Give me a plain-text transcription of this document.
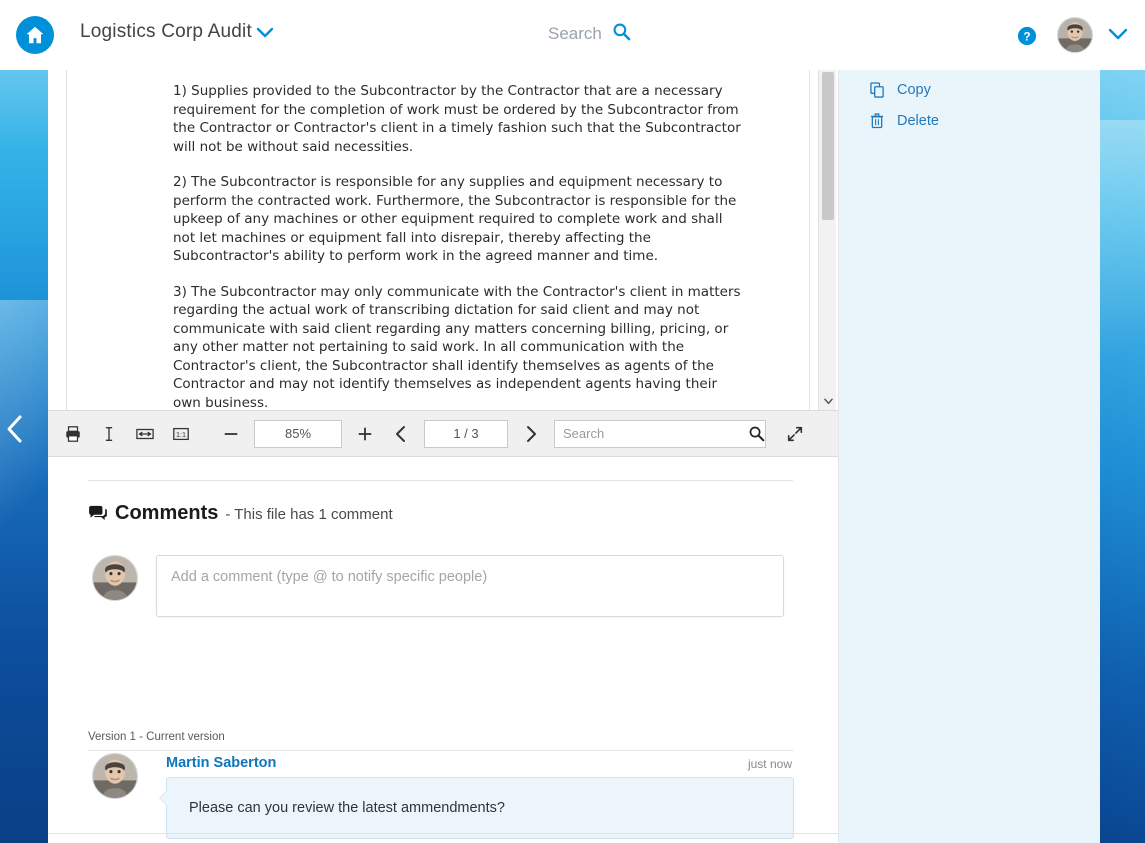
Logistics Corp Audit	Search	?

1) Supplies provided to the Subcontractor by the Contractor that are a necessary requirement for the completion of work must be ordered by the Subcontractor from the Contractor or Contractor's client in a timely fashion such that the Subcontractor will not be without said necessities.

2) The Subcontractor is responsible for any supplies and equipment necessary to perform the contracted work. Furthermore, the Subcontractor is responsible for the upkeep of any machines or other equipment required to complete work and shall not let machines or equipment fall into disrepair, thereby affecting the Subcontractor's ability to perform work in the agreed manner and time.

3) The Subcontractor may only communicate with the Contractor's client in matters regarding the actual work of transcribing dictation for said client and may not communicate with said client regarding any matters concerning billing, pricing, or any other matter not pertaining to said work. In all communication with the Contractor's client, the Subcontractor shall identify themselves as agents of the Contractor and may not identify themselves as independent agents having their own business.

1:1	85%	1 / 3
Search
Comments - This file has 1 comment
Add a comment (type @ to notify specific people)
Version 1 - Current version
Martin Saberton	just now
Please can you review the latest ammendments?
Copy
Delete
